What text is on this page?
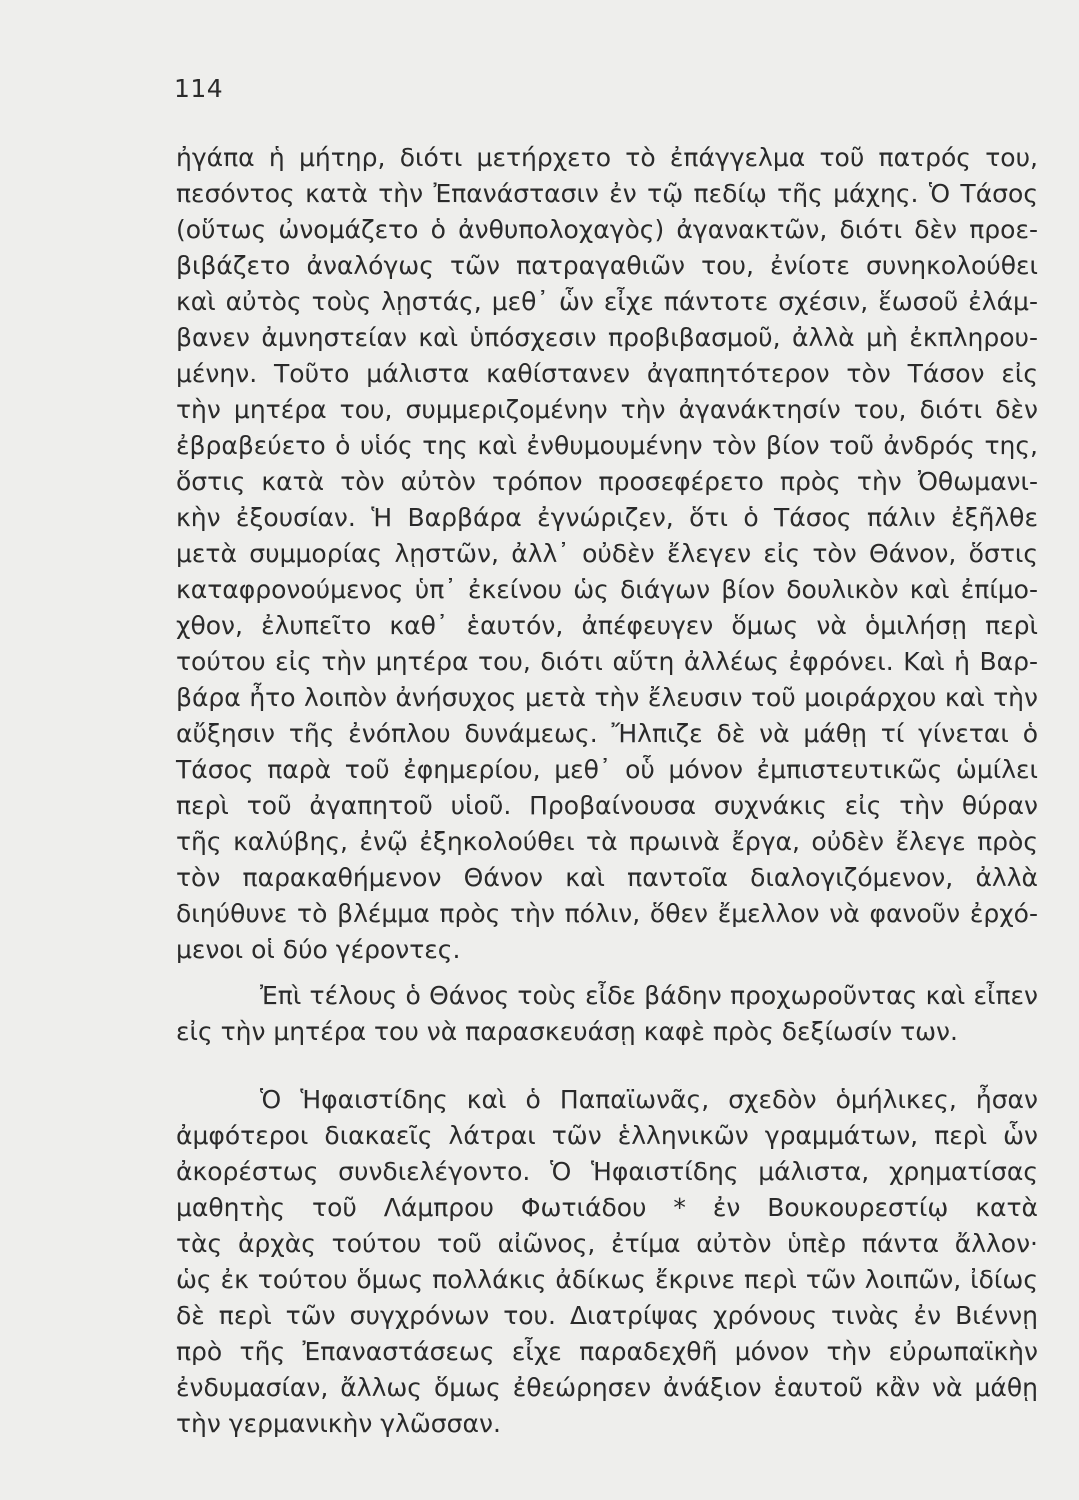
114
ἠγάπα ἡ μήτηρ, διότι μετήρχετο τὸ ἐπάγγελμα τοῦ πατρός του,
πεσόντος κατὰ τὴν Ἐπανάστασιν ἐν τῷ πεδίῳ τῆς μάχης. Ὁ Τάσος
(οὕτως ὠνομάζετο ὁ ἀνθυπολοχαγὸς) ἀγανακτῶν, διότι δὲν προε-
βιβάζετο ἀναλόγως τῶν πατραγαθιῶν του, ἐνίοτε συνηκολούθει
καὶ αὐτὸς τοὺς λῃστάς, μεθ᾽ ὧν εἶχε πάντοτε σχέσιν, ἕωσοῦ ἐλάμ-
βανεν ἀμνηστείαν καὶ ὑπόσχεσιν προβιβασμοῦ, ἀλλὰ μὴ ἐκπληρου-
μένην. Τοῦτο μάλιστα καθίστανεν ἀγαπητότερον τὸν Τάσον εἰς
τὴν μητέρα του, συμμεριζομένην τὴν ἀγανάκτησίν του, διότι δὲν
ἐβραβεύετο ὁ υἱός της καὶ ἐνθυμουμένην τὸν βίον τοῦ ἀνδρός της,
ὅστις κατὰ τὸν αὐτὸν τρόπον προσεφέρετο πρὸς τὴν Ὀθωμανι-
κὴν ἐξουσίαν. Ἡ Βαρβάρα ἐγνώριζεν, ὅτι ὁ Τάσος πάλιν ἐξῆλθε
μετὰ συμμορίας λῃστῶν, ἀλλ᾽ οὐδὲν ἔλεγεν εἰς τὸν Θάνον, ὅστις
καταφρονούμενος ὑπ᾽ ἐκείνου ὡς διάγων βίον δουλικὸν καὶ ἐπίμο-
χθον, ἐλυπεῖτο καθ᾽ ἑαυτόν, ἀπέφευγεν ὅμως νὰ ὁμιλήσῃ περὶ
τούτου εἰς τὴν μητέρα του, διότι αὕτη ἀλλέως ἐφρόνει. Καὶ ἡ Βαρ-
βάρα ἦτο λοιπὸν ἀνήσυχος μετὰ τὴν ἔλευσιν τοῦ μοιράρχου καὶ τὴν
αὔξησιν τῆς ἐνόπλου δυνάμεως. Ἤλπιζε δὲ νὰ μάθῃ τί γίνεται ὁ
Τάσος παρὰ τοῦ ἐφημερίου, μεθ᾽ οὗ μόνον ἐμπιστευτικῶς ὡμίλει
περὶ τοῦ ἀγαπητοῦ υἱοῦ. Προβαίνουσα συχνάκις εἰς τὴν θύραν
τῆς καλύβης, ἐνῷ ἐξηκολούθει τὰ πρωινὰ ἔργα, οὐδὲν ἔλεγε πρὸς
τὸν παρακαθήμενον Θάνον καὶ παντοῖα διαλογιζόμενον, ἀλλὰ
διηύθυνε τὸ βλέμμα πρὸς τὴν πόλιν, ὅθεν ἔμελλον νὰ φανοῦν ἐρχό-
μενοι οἱ δύο γέροντες.
Ἐπὶ τέλους ὁ Θάνος τοὺς εἶδε βάδην προχωροῦντας καὶ εἶπεν
εἰς τὴν μητέρα του νὰ παρασκευάσῃ καφὲ πρὸς δεξίωσίν των.
Ὁ Ἡφαιστίδης καὶ ὁ Παπαϊωνᾶς, σχεδὸν ὁμήλικες, ἦσαν
ἀμφότεροι διακαεῖς λάτραι τῶν ἑλληνικῶν γραμμάτων, περὶ ὧν
ἀκορέστως συνδιελέγοντο. Ὁ Ἡφαιστίδης μάλιστα, χρηματίσας
μαθητὴς τοῦ Λάμπρου Φωτιάδου * ἐν Βουκουρεστίῳ κατὰ
τὰς ἀρχὰς τούτου τοῦ αἰῶνος, ἐτίμα αὐτὸν ὑπὲρ πάντα ἄλλον·
ὡς ἐκ τούτου ὅμως πολλάκις ἀδίκως ἔκρινε περὶ τῶν λοιπῶν, ἰδίως
δὲ περὶ τῶν συγχρόνων του. Διατρίψας χρόνους τινὰς ἐν Βιέννῃ
πρὸ τῆς Ἐπαναστάσεως εἶχε παραδεχθῆ μόνον τὴν εὐρωπαϊκὴν
ἐνδυμασίαν, ἄλλως ὅμως ἐθεώρησεν ἀνάξιον ἑαυτοῦ κἂν νὰ μάθῃ
τὴν γερμανικὴν γλῶσσαν.
